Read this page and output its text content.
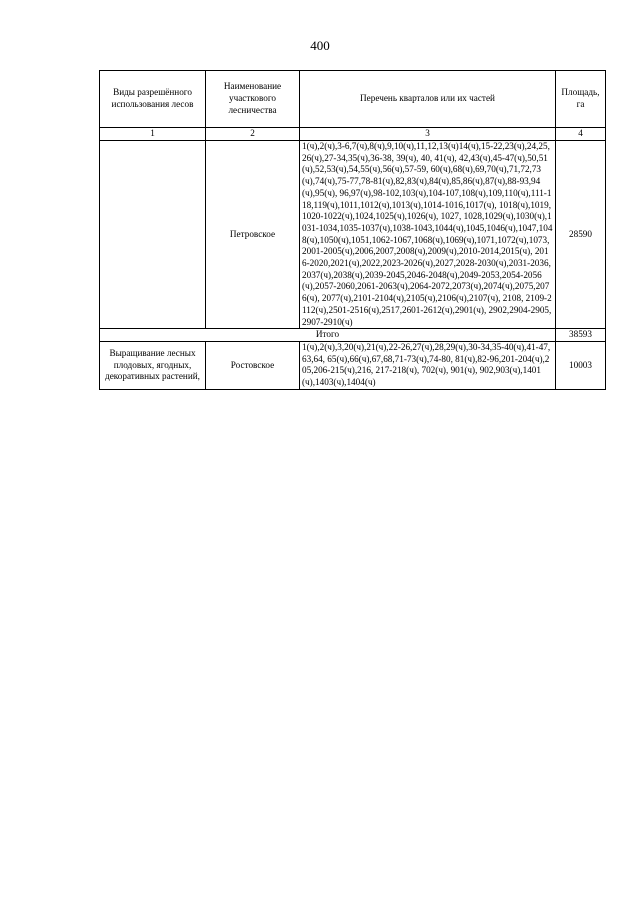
400
Виды разрешённого использования лесов	Наименование участкового лесничества	Перечень кварталов или их частей	Площадь, га
1	2	3	4
	Петровское	1(ч),2(ч),3-6,7(ч),8(ч),9,10(ч),11,12,13(ч)14(ч),15-22,23(ч),24,25,26(ч),27-34,35(ч),36-38, 39(ч), 40, 41(ч), 42,43(ч),45-47(ч),50,51(ч),52,53(ч),54,55(ч),56(ч),57-59, 60(ч),68(ч),69,70(ч),71,72,73(ч),74(ч),75-77,78-81(ч),82,83(ч),84(ч),85,86(ч),87(ч),88-93,94(ч),95(ч), 96,97(ч),98-102,103(ч),104-107,108(ч),109,110(ч),111-118,119(ч),1011,1012(ч),1013(ч),1014-1016,1017(ч), 1018(ч),1019,1020-1022(ч),1024,1025(ч),1026(ч), 1027, 1028,1029(ч),1030(ч),1031-1034,1035-1037(ч),1038-1043,1044(ч),1045,1046(ч),1047,1048(ч),1050(ч),1051,1062-1067,1068(ч),1069(ч),1071,1072(ч),1073,2001-2005(ч),2006,2007,2008(ч),2009(ч),2010-2014,2015(ч), 2016-2020,2021(ч),2022,2023-2026(ч),2027,2028-2030(ч),2031-2036,2037(ч),2038(ч),2039-2045,2046-2048(ч),2049-2053,2054-2056(ч),2057-2060,2061-2063(ч),2064-2072,2073(ч),2074(ч),2075,2076(ч), 2077(ч),2101-2104(ч),2105(ч),2106(ч),2107(ч), 2108, 2109-2112(ч),2501-2516(ч),2517,2601-2612(ч),2901(ч), 2902,2904-2905,2907-2910(ч)	28590
Итого			38593
Выращивание лесных плодовых, ягодных, декоративных растений,	Ростовское	1(ч),2(ч),3,20(ч),21(ч),22-26,27(ч),28,29(ч),30-34,35-40(ч),41-47,63,64, 65(ч),66(ч),67,68,71-73(ч),74-80, 81(ч),82-96,201-204(ч),205,206-215(ч),216, 217-218(ч), 702(ч), 901(ч), 902,903(ч),1401(ч),1403(ч),1404(ч)	10003
